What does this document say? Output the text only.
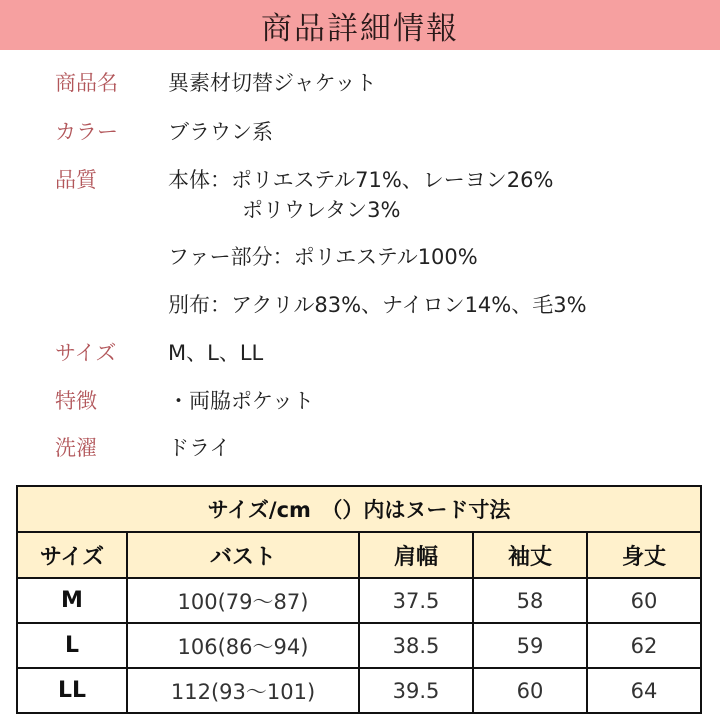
商品詳細情報
商品名 異素材切替ジャケット
カラー ブラウン系
品質	本体：ポリエステル71%、レーヨン26%
ポリウレタン3%
ファー部分：ポリエステル100%
別布：アクリル83%、ナイロン14%、毛3%
サイズ M、L、LL
特徴	・両脇ポケット
洗濯	ドライ
サイズ/cm　（）内はヌード寸法				
サイズ	バスト	肩幅	袖丈	身丈
M	100(79～87)	37.5	58	60
L	106(86～94)	38.5	59	62
LL	112(93～101)	39.5	60	64
